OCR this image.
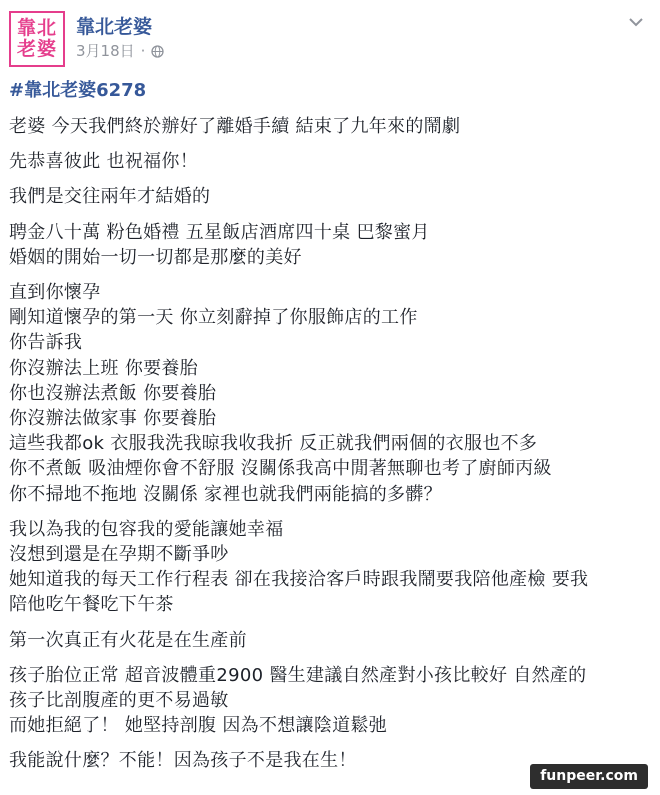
靠北
老婆
靠北老婆
3月18日 ·
#靠北老婆6278
老婆 今天我們終於辦好了離婚手續 結束了九年來的鬧劇
先恭喜彼此 也祝福你！
我們是交往兩年才結婚的
聘金八十萬 粉色婚禮 五星飯店酒席四十桌 巴黎蜜月
婚姻的開始一切一切都是那麼的美好
直到你懷孕
剛知道懷孕的第一天 你立刻辭掉了你服飾店的工作
你告訴我
你沒辦法上班 你要養胎
你也沒辦法煮飯 你要養胎
你沒辦法做家事 你要養胎
這些我都ok 衣服我洗我晾我收我折 反正就我們兩個的衣服也不多
你不煮飯 吸油煙你會不舒服 沒關係我高中閒著無聊也考了廚師丙級
你不掃地不拖地 沒關係 家裡也就我們兩能搞的多髒？
我以為我的包容我的愛能讓她幸福
沒想到還是在孕期不斷爭吵
她知道我的每天工作行程表 卻在我接洽客戶時跟我鬧要我陪他產檢 要我
陪他吃午餐吃下午茶
第一次真正有火花是在生產前
孩子胎位正常 超音波體重2900 醫生建議自然產對小孩比較好 自然產的
孩子比剖腹產的更不易過敏
而她拒絕了！ 她堅持剖腹 因為不想讓陰道鬆弛
我能說什麼？不能！因為孩子不是我在生！
funpeer.com
